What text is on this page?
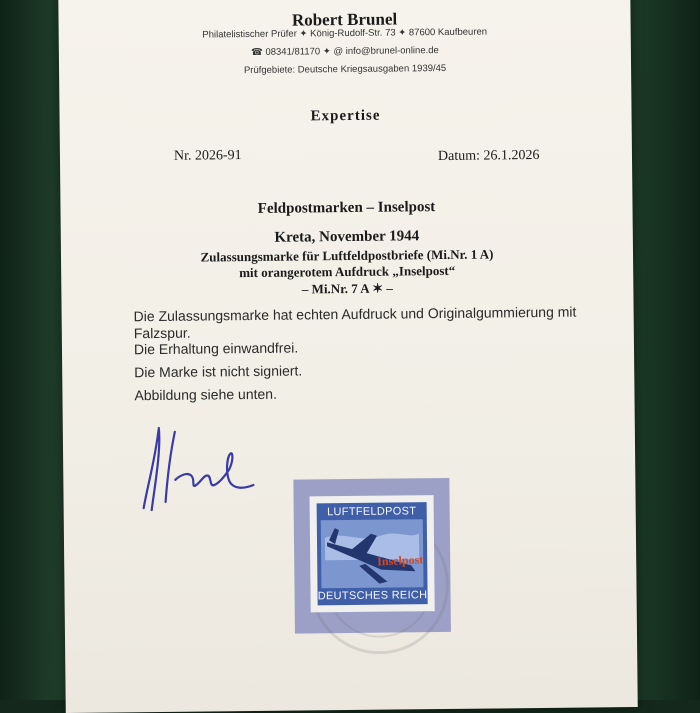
Robert Brunel
Philatelistischer Prüfer ✦ König-Rudolf-Str. 73 ✦ 87600 Kaufbeuren
☎ 08341/81170 ✦ @ info@brunel-online.de
Prüfgebiete: Deutsche Kriegsausgaben 1939/45
Expertise
Nr. 2026-91	Datum: 26.1.2026
Feldpostmarken – Inselpost
Kreta, November 1944
Zulassungsmarke für Luftfeldpostbriefe (Mi.Nr. 1 A)
mit orangerotem Aufdruck „Inselpost“
– Mi.Nr. 7 A ✶ –
Die Zulassungsmarke hat echten Aufdruck und Originalgummierung mit Falzspur.
Die Erhaltung einwandfrei.
Die Marke ist nicht signiert.
Abbildung siehe unten.
LUFTFELDPOST
Inselpost
DEUTSCHES REICH
